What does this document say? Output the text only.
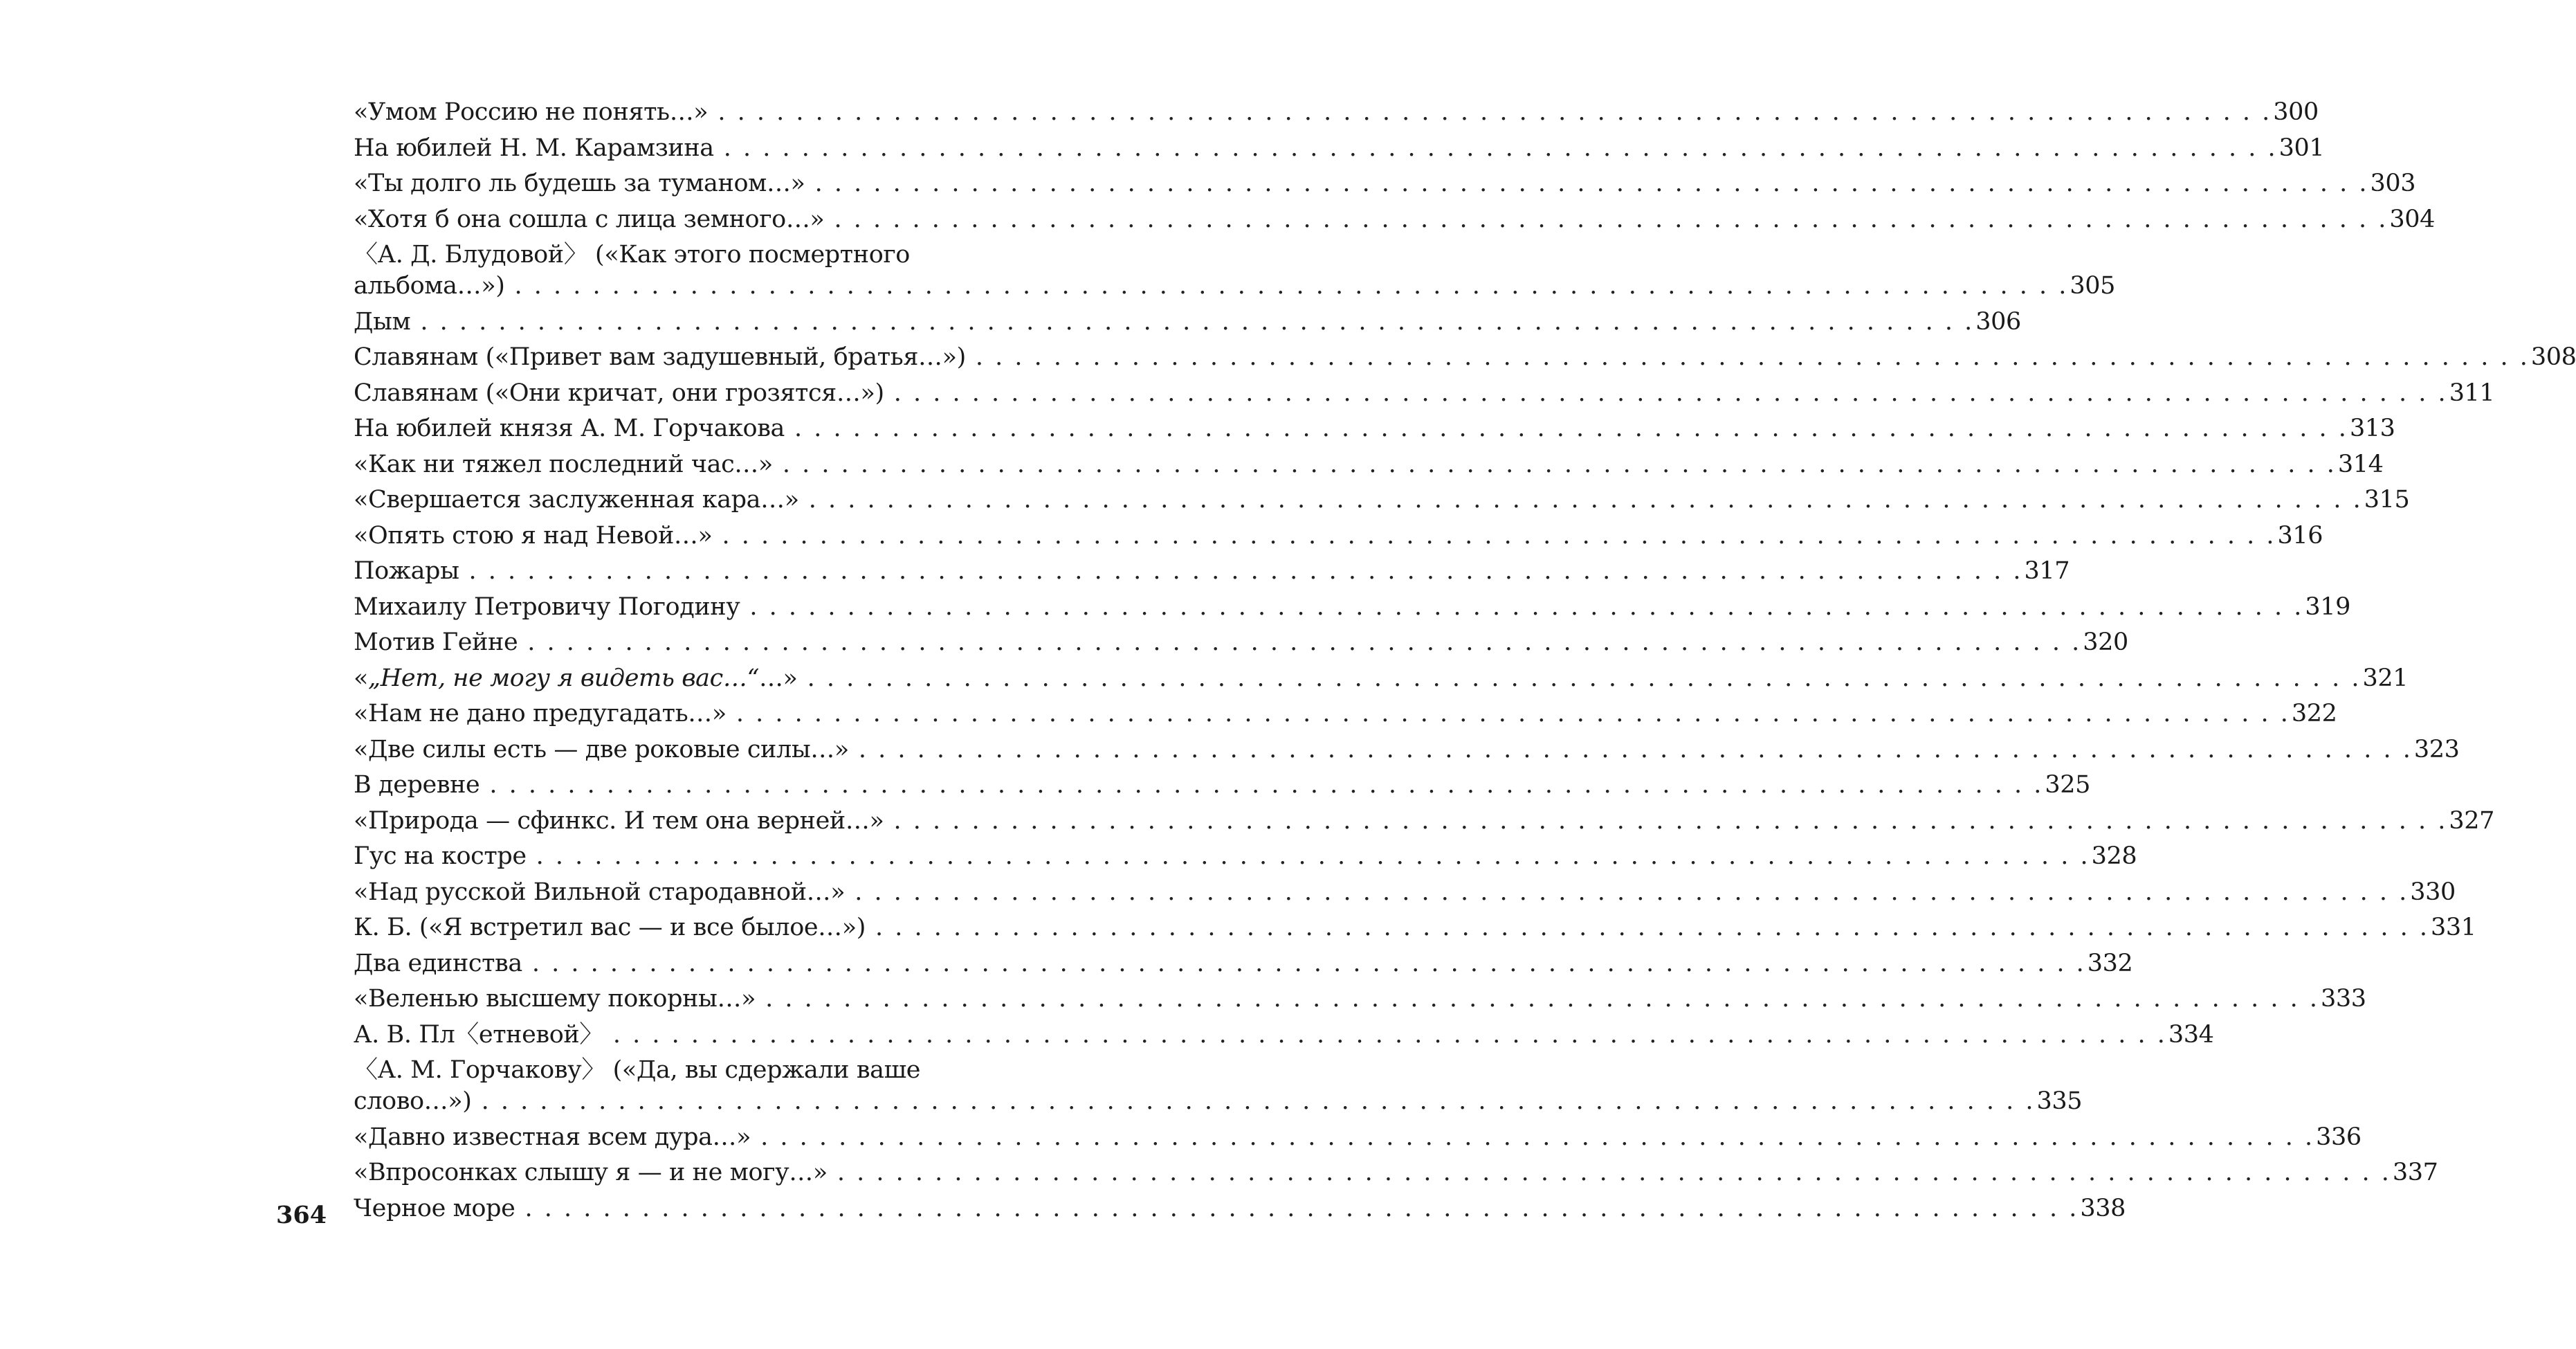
«Умом Россию не понять…» . . . . . . . . . . . . . . . . . . . . . . . . . . . . . . . . . . . . . . . . . . . . . . . . . . . . . . . . . . . . . . . . . . . . . . . . . . . . . . . . 300
На юбилей Н. М. Карамзина . . . . . . . . . . . . . . . . . . . . . . . . . . . . . . . . . . . . . . . . . . . . . . . . . . . . . . . . . . . . . . . . . . . . . . . . . . . . . . . . 301
«Ты долго ль будешь за туманом…» . . . . . . . . . . . . . . . . . . . . . . . . . . . . . . . . . . . . . . . . . . . . . . . . . . . . . . . . . . . . . . . . . . . . . . . . . . . . . . . . 303
«Хотя б она сошла с лица земного…» . . . . . . . . . . . . . . . . . . . . . . . . . . . . . . . . . . . . . . . . . . . . . . . . . . . . . . . . . . . . . . . . . . . . . . . . . . . . . . . . 304
〈А. Д. Блудовой〉 («Как этого посмертного
альбома…») . . . . . . . . . . . . . . . . . . . . . . . . . . . . . . . . . . . . . . . . . . . . . . . . . . . . . . . . . . . . . . . . . . . . . . . . . . . . . . . . 305
Дым . . . . . . . . . . . . . . . . . . . . . . . . . . . . . . . . . . . . . . . . . . . . . . . . . . . . . . . . . . . . . . . . . . . . . . . . . . . . . . . . 306
Славянам («Привет вам задушевный, братья…») . . . . . . . . . . . . . . . . . . . . . . . . . . . . . . . . . . . . . . . . . . . . . . . . . . . . . . . . . . . . . . . . . . . . . . . . . . . . . . . . 308
Славянам («Они кричат, они грозятся…») . . . . . . . . . . . . . . . . . . . . . . . . . . . . . . . . . . . . . . . . . . . . . . . . . . . . . . . . . . . . . . . . . . . . . . . . . . . . . . . . 311
На юбилей князя А. М. Горчакова . . . . . . . . . . . . . . . . . . . . . . . . . . . . . . . . . . . . . . . . . . . . . . . . . . . . . . . . . . . . . . . . . . . . . . . . . . . . . . . . 313
«Как ни тяжел последний час…» . . . . . . . . . . . . . . . . . . . . . . . . . . . . . . . . . . . . . . . . . . . . . . . . . . . . . . . . . . . . . . . . . . . . . . . . . . . . . . . . 314
«Свершается заслуженная кара…» . . . . . . . . . . . . . . . . . . . . . . . . . . . . . . . . . . . . . . . . . . . . . . . . . . . . . . . . . . . . . . . . . . . . . . . . . . . . . . . . 315
«Опять стою я над Невой…» . . . . . . . . . . . . . . . . . . . . . . . . . . . . . . . . . . . . . . . . . . . . . . . . . . . . . . . . . . . . . . . . . . . . . . . . . . . . . . . . 316
Пожары . . . . . . . . . . . . . . . . . . . . . . . . . . . . . . . . . . . . . . . . . . . . . . . . . . . . . . . . . . . . . . . . . . . . . . . . . . . . . . . . 317
Михаилу Петровичу Погодину . . . . . . . . . . . . . . . . . . . . . . . . . . . . . . . . . . . . . . . . . . . . . . . . . . . . . . . . . . . . . . . . . . . . . . . . . . . . . . . . 319
Мотив Гейне . . . . . . . . . . . . . . . . . . . . . . . . . . . . . . . . . . . . . . . . . . . . . . . . . . . . . . . . . . . . . . . . . . . . . . . . . . . . . . . . 320
«„Нет, не могу я видеть вас…“…» . . . . . . . . . . . . . . . . . . . . . . . . . . . . . . . . . . . . . . . . . . . . . . . . . . . . . . . . . . . . . . . . . . . . . . . . . . . . . . . . 321
«Нам не дано предугадать…» . . . . . . . . . . . . . . . . . . . . . . . . . . . . . . . . . . . . . . . . . . . . . . . . . . . . . . . . . . . . . . . . . . . . . . . . . . . . . . . . 322
«Две силы есть — две роковые силы…» . . . . . . . . . . . . . . . . . . . . . . . . . . . . . . . . . . . . . . . . . . . . . . . . . . . . . . . . . . . . . . . . . . . . . . . . . . . . . . . . 323
В деревне . . . . . . . . . . . . . . . . . . . . . . . . . . . . . . . . . . . . . . . . . . . . . . . . . . . . . . . . . . . . . . . . . . . . . . . . . . . . . . . . 325
«Природа — сфинкс. И тем она верней…» . . . . . . . . . . . . . . . . . . . . . . . . . . . . . . . . . . . . . . . . . . . . . . . . . . . . . . . . . . . . . . . . . . . . . . . . . . . . . . . . 327
Гус на костре . . . . . . . . . . . . . . . . . . . . . . . . . . . . . . . . . . . . . . . . . . . . . . . . . . . . . . . . . . . . . . . . . . . . . . . . . . . . . . . . 328
«Над русской Вильной стародавной…» . . . . . . . . . . . . . . . . . . . . . . . . . . . . . . . . . . . . . . . . . . . . . . . . . . . . . . . . . . . . . . . . . . . . . . . . . . . . . . . . 330
К. Б. («Я встретил вас — и все былое…») . . . . . . . . . . . . . . . . . . . . . . . . . . . . . . . . . . . . . . . . . . . . . . . . . . . . . . . . . . . . . . . . . . . . . . . . . . . . . . . . 331
Два единства . . . . . . . . . . . . . . . . . . . . . . . . . . . . . . . . . . . . . . . . . . . . . . . . . . . . . . . . . . . . . . . . . . . . . . . . . . . . . . . . 332
«Веленью высшему покорны…» . . . . . . . . . . . . . . . . . . . . . . . . . . . . . . . . . . . . . . . . . . . . . . . . . . . . . . . . . . . . . . . . . . . . . . . . . . . . . . . . 333
А. В. Пл〈етневой〉 . . . . . . . . . . . . . . . . . . . . . . . . . . . . . . . . . . . . . . . . . . . . . . . . . . . . . . . . . . . . . . . . . . . . . . . . . . . . . . . . 334
〈А. М. Горчакову〉 («Да, вы сдержали ваше
слово…») . . . . . . . . . . . . . . . . . . . . . . . . . . . . . . . . . . . . . . . . . . . . . . . . . . . . . . . . . . . . . . . . . . . . . . . . . . . . . . . . 335
«Давно известная всем дура…» . . . . . . . . . . . . . . . . . . . . . . . . . . . . . . . . . . . . . . . . . . . . . . . . . . . . . . . . . . . . . . . . . . . . . . . . . . . . . . . . 336
«Впросонках слышу я — и не могу…» . . . . . . . . . . . . . . . . . . . . . . . . . . . . . . . . . . . . . . . . . . . . . . . . . . . . . . . . . . . . . . . . . . . . . . . . . . . . . . . . 337
Черное море . . . . . . . . . . . . . . . . . . . . . . . . . . . . . . . . . . . . . . . . . . . . . . . . . . . . . . . . . . . . . . . . . . . . . . . . . . . . . . . . 338
364
